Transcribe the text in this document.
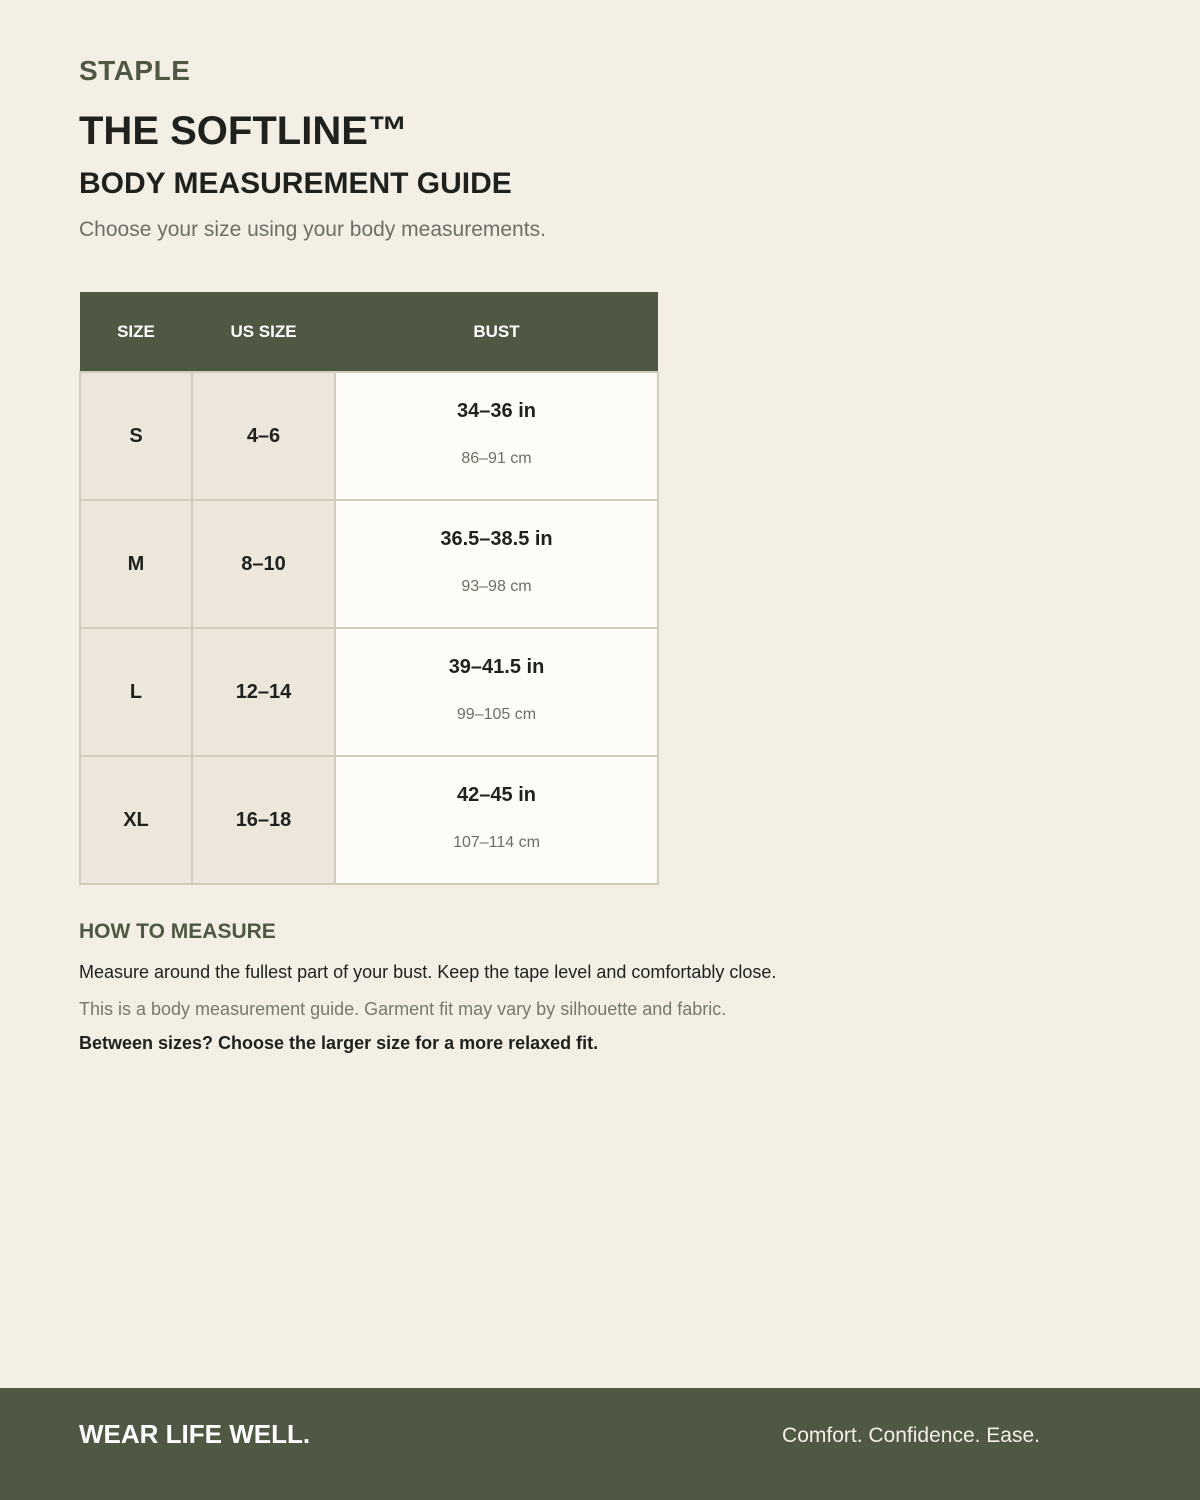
STAPLE
THE SOFTLINE™
BODY MEASUREMENT GUIDE
Choose your size using your body measurements.
SIZE	US SIZE	BUST
S	4–6	34–36 in
86–91 cm

M	8–10	36.5–38.5 in
93–98 cm

L	12–14	39–41.5 in
99–105 cm

XL	16–18	42–45 in
107–114 cm
HOW TO MEASURE
Measure around the fullest part of your bust. Keep the tape level and comfortably close.
This is a body measurement guide. Garment fit may vary by silhouette and fabric.
Between sizes? Choose the larger size for a more relaxed fit.
WEAR LIFE WELL.	Comfort. Confidence. Ease.
